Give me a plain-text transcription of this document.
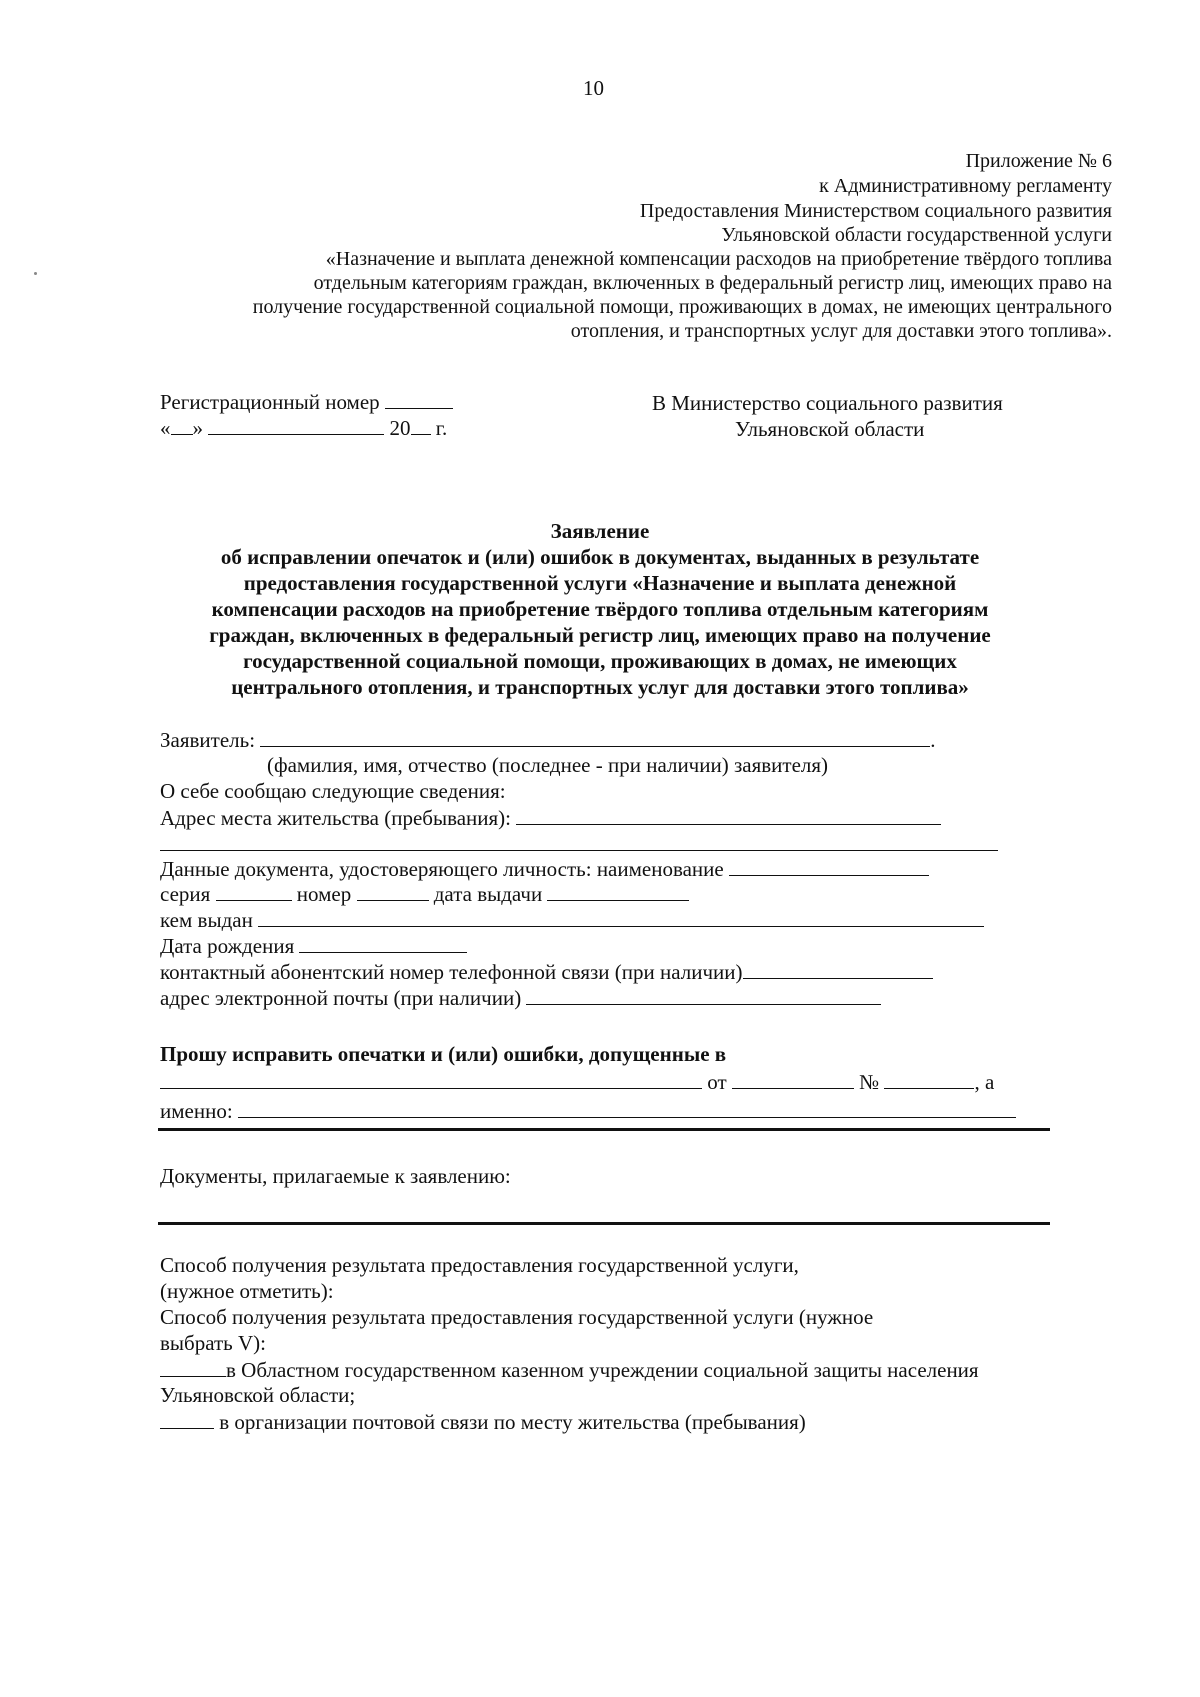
10
Приложение № 6
к Административному регламенту
Предоставления Министерством социального развития
Ульяновской области государственной услуги
«Назначение и выплата денежной компенсации расходов на приобретение твёрдого топлива
отдельным категориям граждан, включенных в федеральный регистр лиц, имеющих право на
получение государственной социальной помощи, проживающих в домах, не имеющих центрального
отопления, и транспортных услуг для доставки этого топлива».
Регистрационный номер
« »	20 г.
В Министерство социального развития
Ульяновской области
Заявление
об исправлении опечаток и (или) ошибок в документах, выданных в результате
предоставления государственной услуги «Назначение и выплата денежной
компенсации расходов на приобретение твёрдого топлива отдельным категориям
граждан, включенных в федеральный регистр лиц, имеющих право на получение
государственной социальной помощи, проживающих в домах, не имеющих
центрального отопления, и транспортных услуг для доставки этого топлива»
Заявитель:	.
(фамилия, имя, отчество (последнее - при наличии) заявителя)
О себе сообщаю следующие сведения:
Адрес места жительства (пребывания):
Данные документа, удостоверяющего личность: наименование
серия	номер	дата выдачи
кем выдан
Дата рождения
контактный абонентский номер телефонной связи (при наличии)
адрес электронной почты (при наличии)
Прошу исправить опечатки и (или) ошибки, допущенные в
от	№	, а
именно:
Документы, прилагаемые к заявлению:
Способ получения результата предоставления государственной услуги,
(нужное отметить):
Способ получения результата предоставления государственной услуги (нужное
выбрать V):
в Областном государственном казенном учреждении социальной защиты населения
Ульяновской области;
в организации почтовой связи по месту жительства (пребывания)
